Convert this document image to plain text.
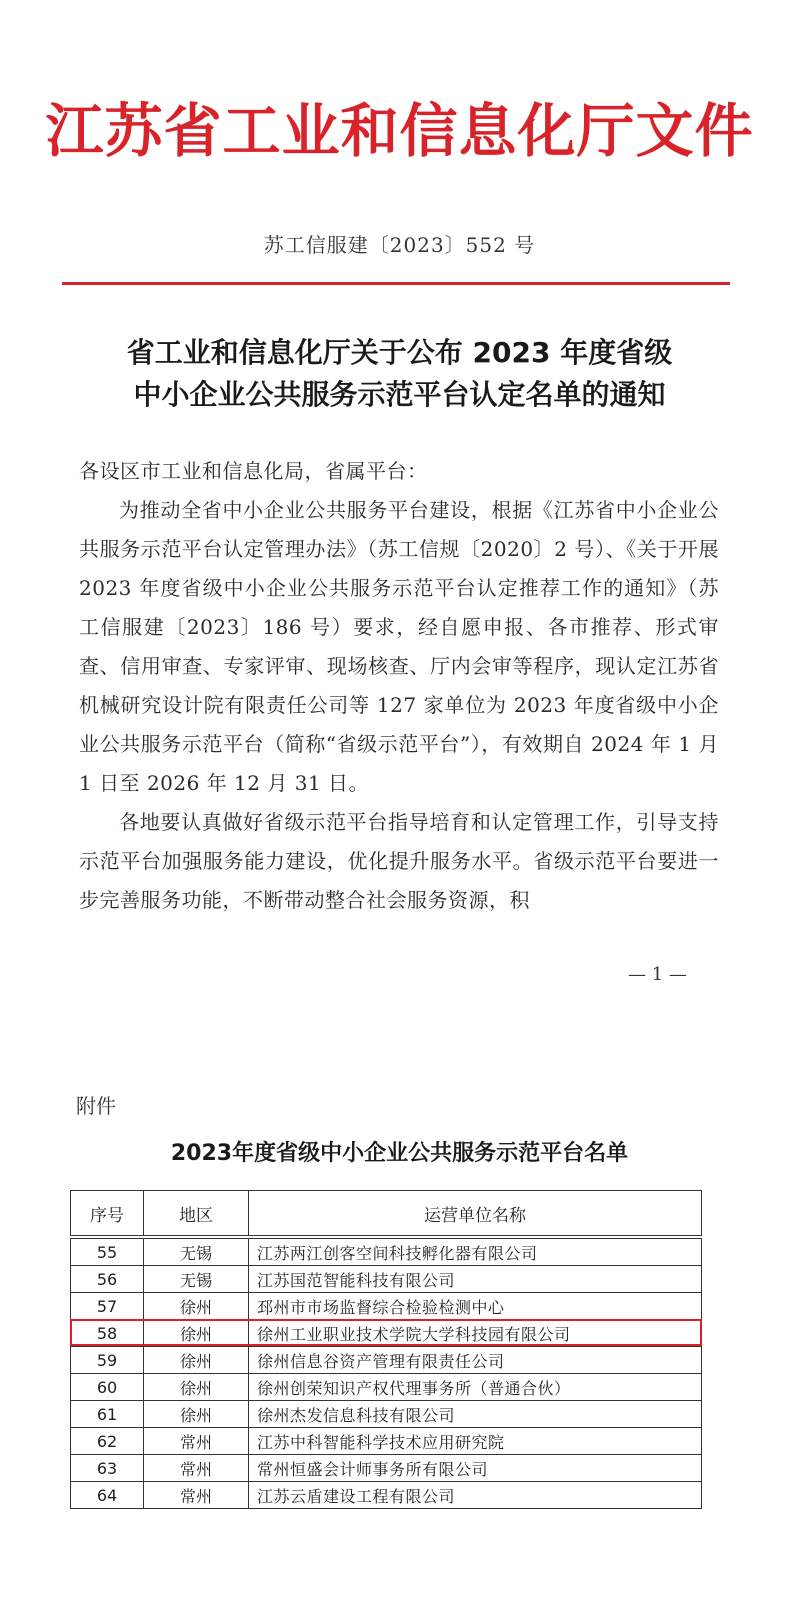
江苏省工业和信息化厅文件
苏工信服建〔2023〕552 号
省工业和信息化厅关于公布 2023 年度省级
中小企业公共服务示范平台认定名单的通知

各设区市工业和信息化局，省属平台：

为推动全省中小企业公共服务平台建设，根据《江苏省中小企业公共服务示范平台认定管理办法》（苏工信规〔2020〕2 号）、《关于开展 2023 年度省级中小企业公共服务示范平台认定推荐工作的通知》（苏工信服建〔2023〕186 号）要求，经自愿申报、各市推荐、形式审查、信用审查、专家评审、现场核查、厅内会审等程序，现认定江苏省机械研究设计院有限责任公司等 127 家单位为 2023 年度省级中小企业公共服务示范平台（简称“省级示范平台”），有效期自 2024 年 1 月 1 日至 2026 年 12 月 31 日。

各地要认真做好省级示范平台指导培育和认定管理工作，引导支持示范平台加强服务能力建设，优化提升服务水平。省级示范平台要进一步完善服务功能，不断带动整合社会服务资源，积

— 1 —
附件
2023年度省级中小企业公共服务示范平台名单
序号	地区	运营单位名称
55	无锡	江苏两江创客空间科技孵化器有限公司
56	无锡	江苏国范智能科技有限公司
57	徐州	邳州市市场监督综合检验检测中心
58	徐州	徐州工业职业技术学院大学科技园有限公司
59	徐州	徐州信息谷资产管理有限责任公司
60	徐州	徐州创荣知识产权代理事务所（普通合伙）
61	徐州	徐州杰发信息科技有限公司
62	常州	江苏中科智能科学技术应用研究院
63	常州	常州恒盛会计师事务所有限公司
64	常州	江苏云盾建设工程有限公司
